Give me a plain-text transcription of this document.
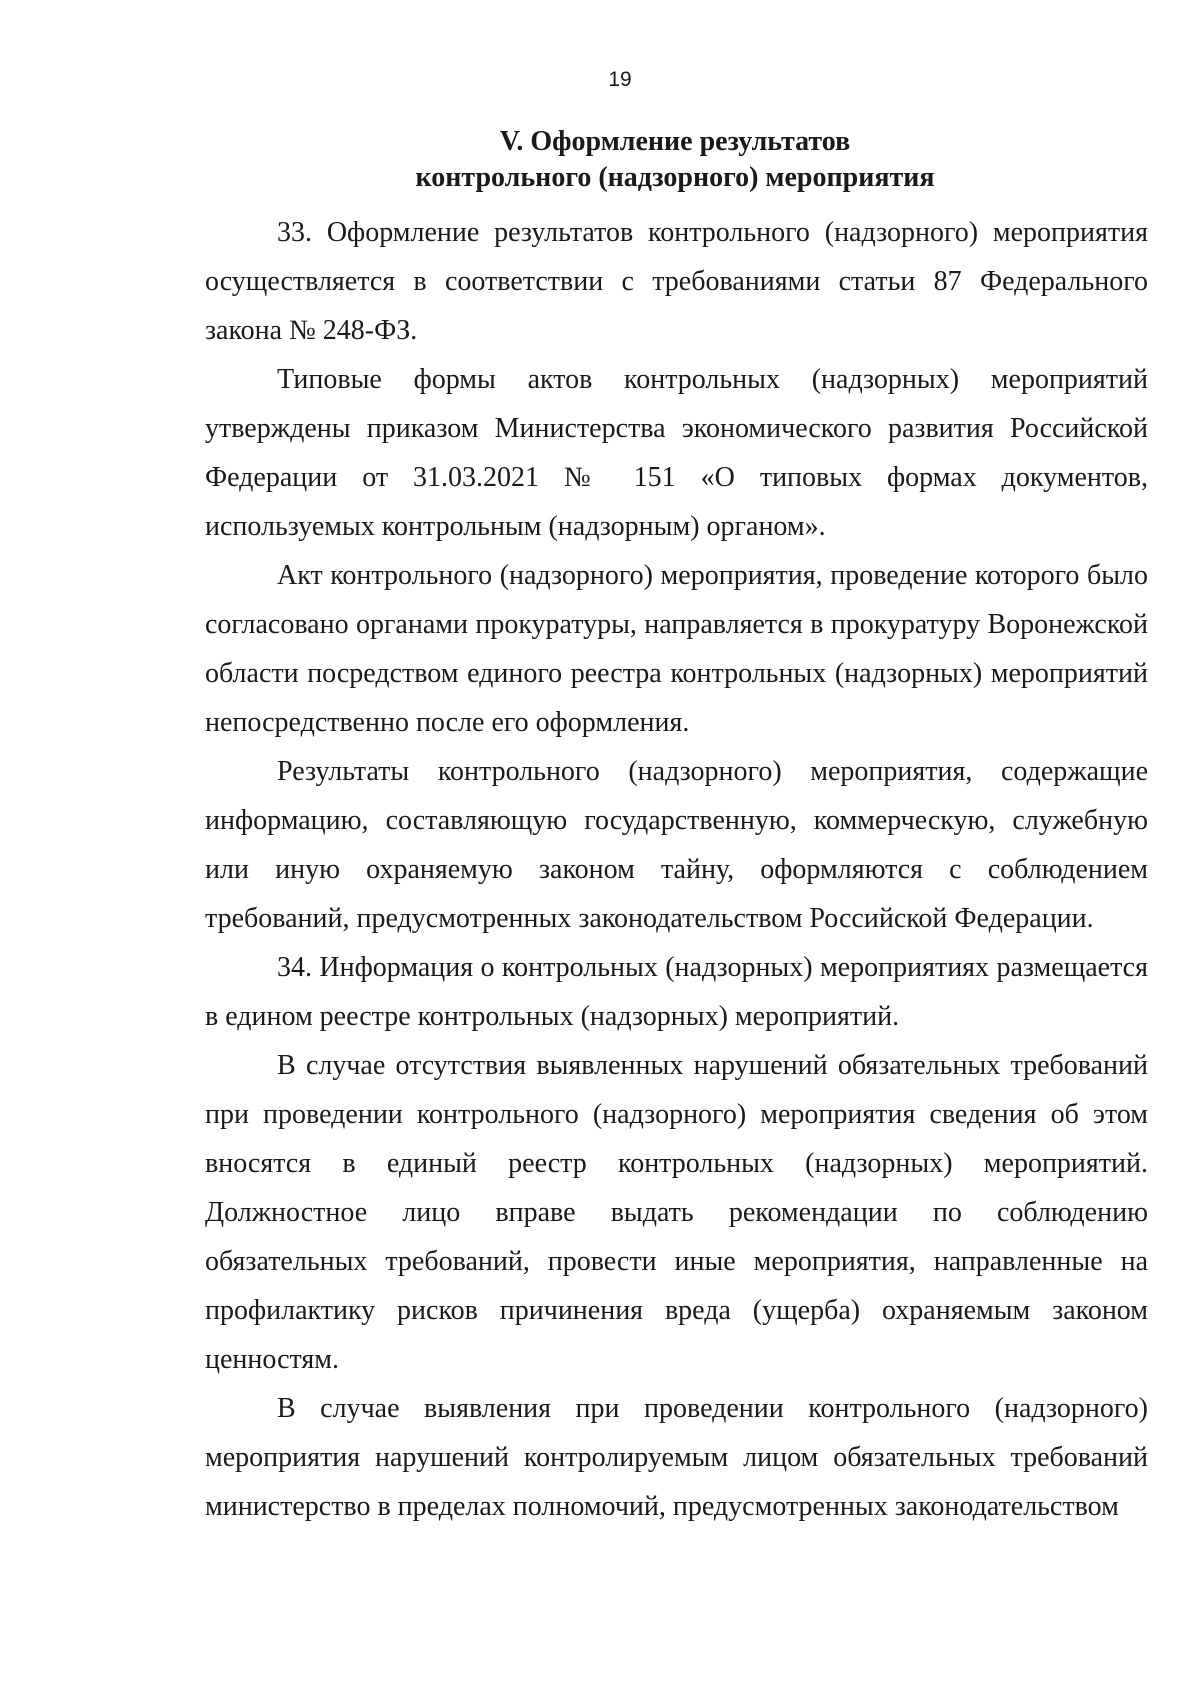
19
V. Оформление результатов
контрольного (надзорного) мероприятия

33. Оформление результатов контрольного (надзорного) мероприятия осуществляется в соответствии с требованиями статьи 87 Федерального закона № 248-ФЗ.

Типовые формы актов контрольных (надзорных) мероприятий утверждены приказом Министерства экономического развития Российской Федерации от 31.03.2021 № 151 «О типовых формах документов, используемых контрольным (надзорным) органом».

Акт контрольного (надзорного) мероприятия, проведение которого было согласовано органами прокуратуры, направляется в прокуратуру Воронежской области посредством единого реестра контрольных (надзорных) мероприятий непосредственно после его оформления.

Результаты контрольного (надзорного) мероприятия, содержащие информацию, составляющую государственную, коммерческую, служебную или иную охраняемую законом тайну, оформляются с соблюдением требований, предусмотренных законодательством Российской Федерации.

34. Информация о контрольных (надзорных) мероприятиях размещается в едином реестре контрольных (надзорных) мероприятий.

В случае отсутствия выявленных нарушений обязательных требований при проведении контрольного (надзорного) мероприятия сведения об этом вносятся в единый реестр контрольных (надзорных) мероприятий. Должностное лицо вправе выдать рекомендации по соблюдению обязательных требований, провести иные мероприятия, направленные на профилактику рисков причинения вреда (ущерба) охраняемым законом ценностям.

В случае выявления при проведении контрольного (надзорного) мероприятия нарушений контролируемым лицом обязательных требований министерство в пределах полномочий, предусмотренных законодательством
